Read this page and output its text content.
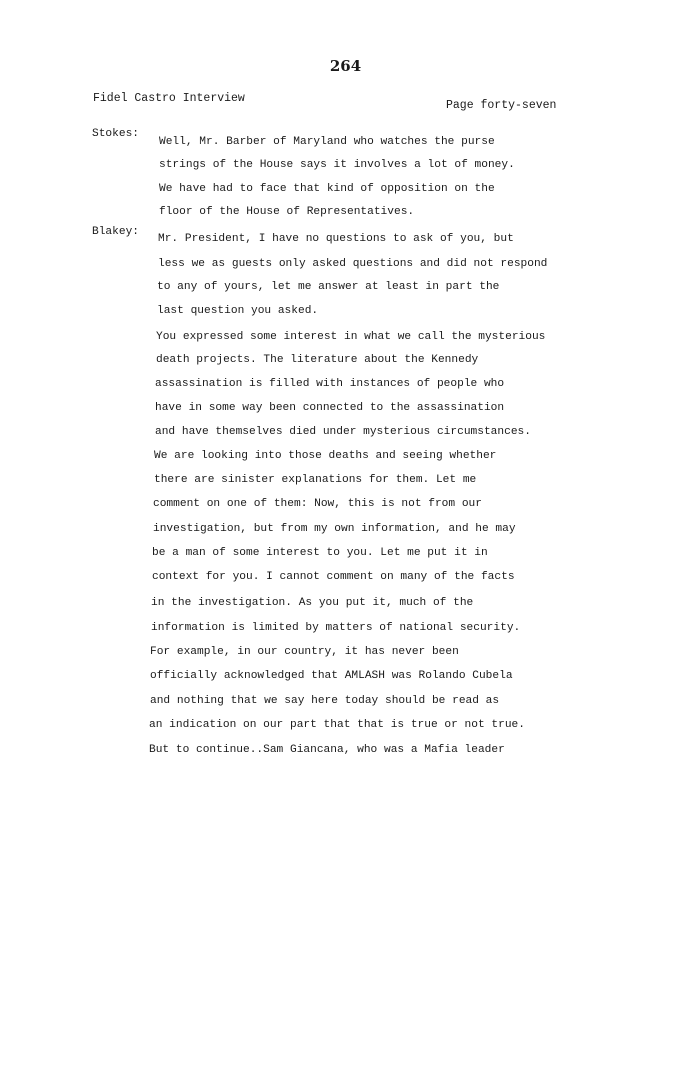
264
Fidel Castro Interview
Page forty-seven
Stokes:
Well, Mr. Barber of Maryland who watches the purse
strings of the House says it involves a lot of money.
We have had to face that kind of opposition on the
floor of the House of Representatives.
Blakey:
Mr. President, I have no questions to ask of you, but
less we as guests only asked questions and did not respond
to any of yours, let me answer at least in part the
last question you asked.
You expressed some interest in what we call the mysterious
death projects. The literature about the Kennedy
assassination is filled with instances of people who
have in some way been connected to the assassination
and have themselves died under mysterious circumstances.
We are looking into those deaths and seeing whether
there are sinister explanations for them. Let me
comment on one of them: Now, this is not from our
investigation, but from my own information, and he may
be a man of some interest to you. Let me put it in
context for you. I cannot comment on many of the facts
in the investigation. As you put it, much of the
information is limited by matters of national security.
For example, in our country, it has never been
officially acknowledged that AMLASH was Rolando Cubela
and nothing that we say here today should be read as
an indication on our part that that is true or not true.
But to continue..Sam Giancana, who was a Mafia leader
